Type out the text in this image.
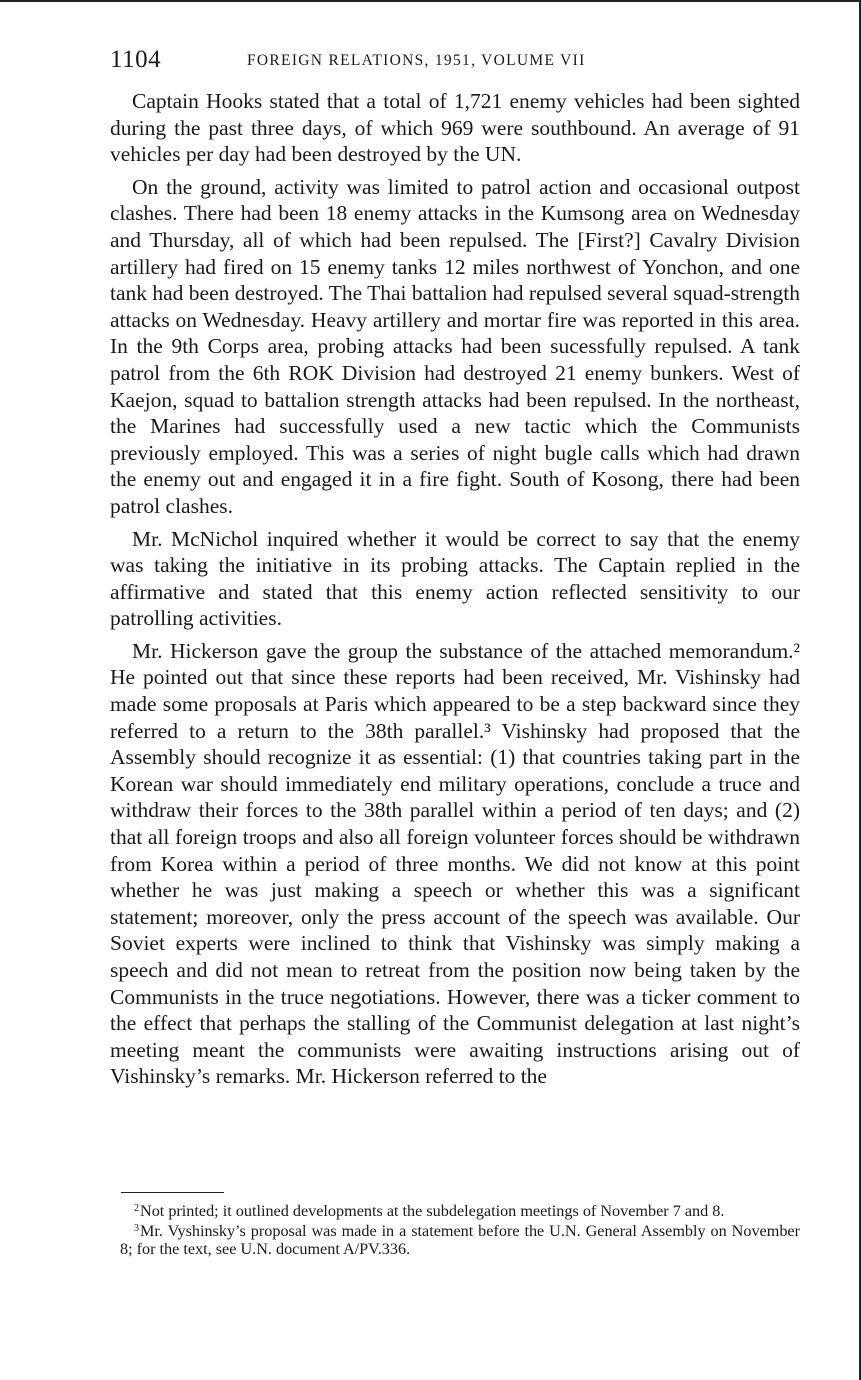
1104	FOREIGN RELATIONS, 1951, VOLUME VII

Captain Hooks stated that a total of 1,721 enemy vehicles had been sighted during the past three days, of which 969 were southbound. An average of 91 vehicles per day had been destroyed by the UN.

On the ground, activity was limited to patrol action and occasional outpost clashes. There had been 18 enemy attacks in the Kumsong area on Wednesday and Thursday, all of which had been repulsed. The [First?] Cavalry Division artillery had fired on 15 enemy tanks 12 miles northwest of Yonchon, and one tank had been destroyed. The Thai battalion had repulsed several squad-strength attacks on Wednesday. Heavy artillery and mortar fire was reported in this area. In the 9th Corps area, probing attacks had been sucessfully repulsed. A tank patrol from the 6th ROK Division had destroyed 21 enemy bunkers. West of Kaejon, squad to battalion strength attacks had been repulsed. In the northeast, the Marines had successfully used a new tactic which the Communists previously employed. This was a series of night bugle calls which had drawn the enemy out and engaged it in a fire fight. South of Kosong, there had been patrol clashes.

Mr. McNichol inquired whether it would be correct to say that the enemy was taking the initiative in its probing attacks. The Captain replied in the affirmative and stated that this enemy action reflected sensitivity to our patrolling activities.

Mr. Hickerson gave the group the substance of the attached memorandum.² He pointed out that since these reports had been received, Mr. Vishinsky had made some proposals at Paris which appeared to be a step backward since they referred to a return to the 38th parallel.³ Vishinsky had proposed that the Assembly should recognize it as essential: (1) that countries taking part in the Korean war should immediately end military operations, conclude a truce and withdraw their forces to the 38th parallel within a period of ten days; and (2) that all foreign troops and also all foreign volunteer forces should be withdrawn from Korea within a period of three months. We did not know at this point whether he was just making a speech or whether this was a significant statement; moreover, only the press account of the speech was available. Our Soviet experts were inclined to think that Vishinsky was simply making a speech and did not mean to retreat from the position now being taken by the Communists in the truce negotiations. However, there was a ticker comment to the effect that perhaps the stalling of the Communist delegation at last night’s meeting meant the communists were awaiting instructions arising out of Vishinsky’s remarks. Mr. Hickerson referred to the

$^2$Not printed; it outlined developments at the subdelegation meetings of November 7 and 8.

$^3$Mr. Vyshinsky’s proposal was made in a statement before the U.N. General Assembly on November 8; for the text, see U.N. document A/PV.336.
